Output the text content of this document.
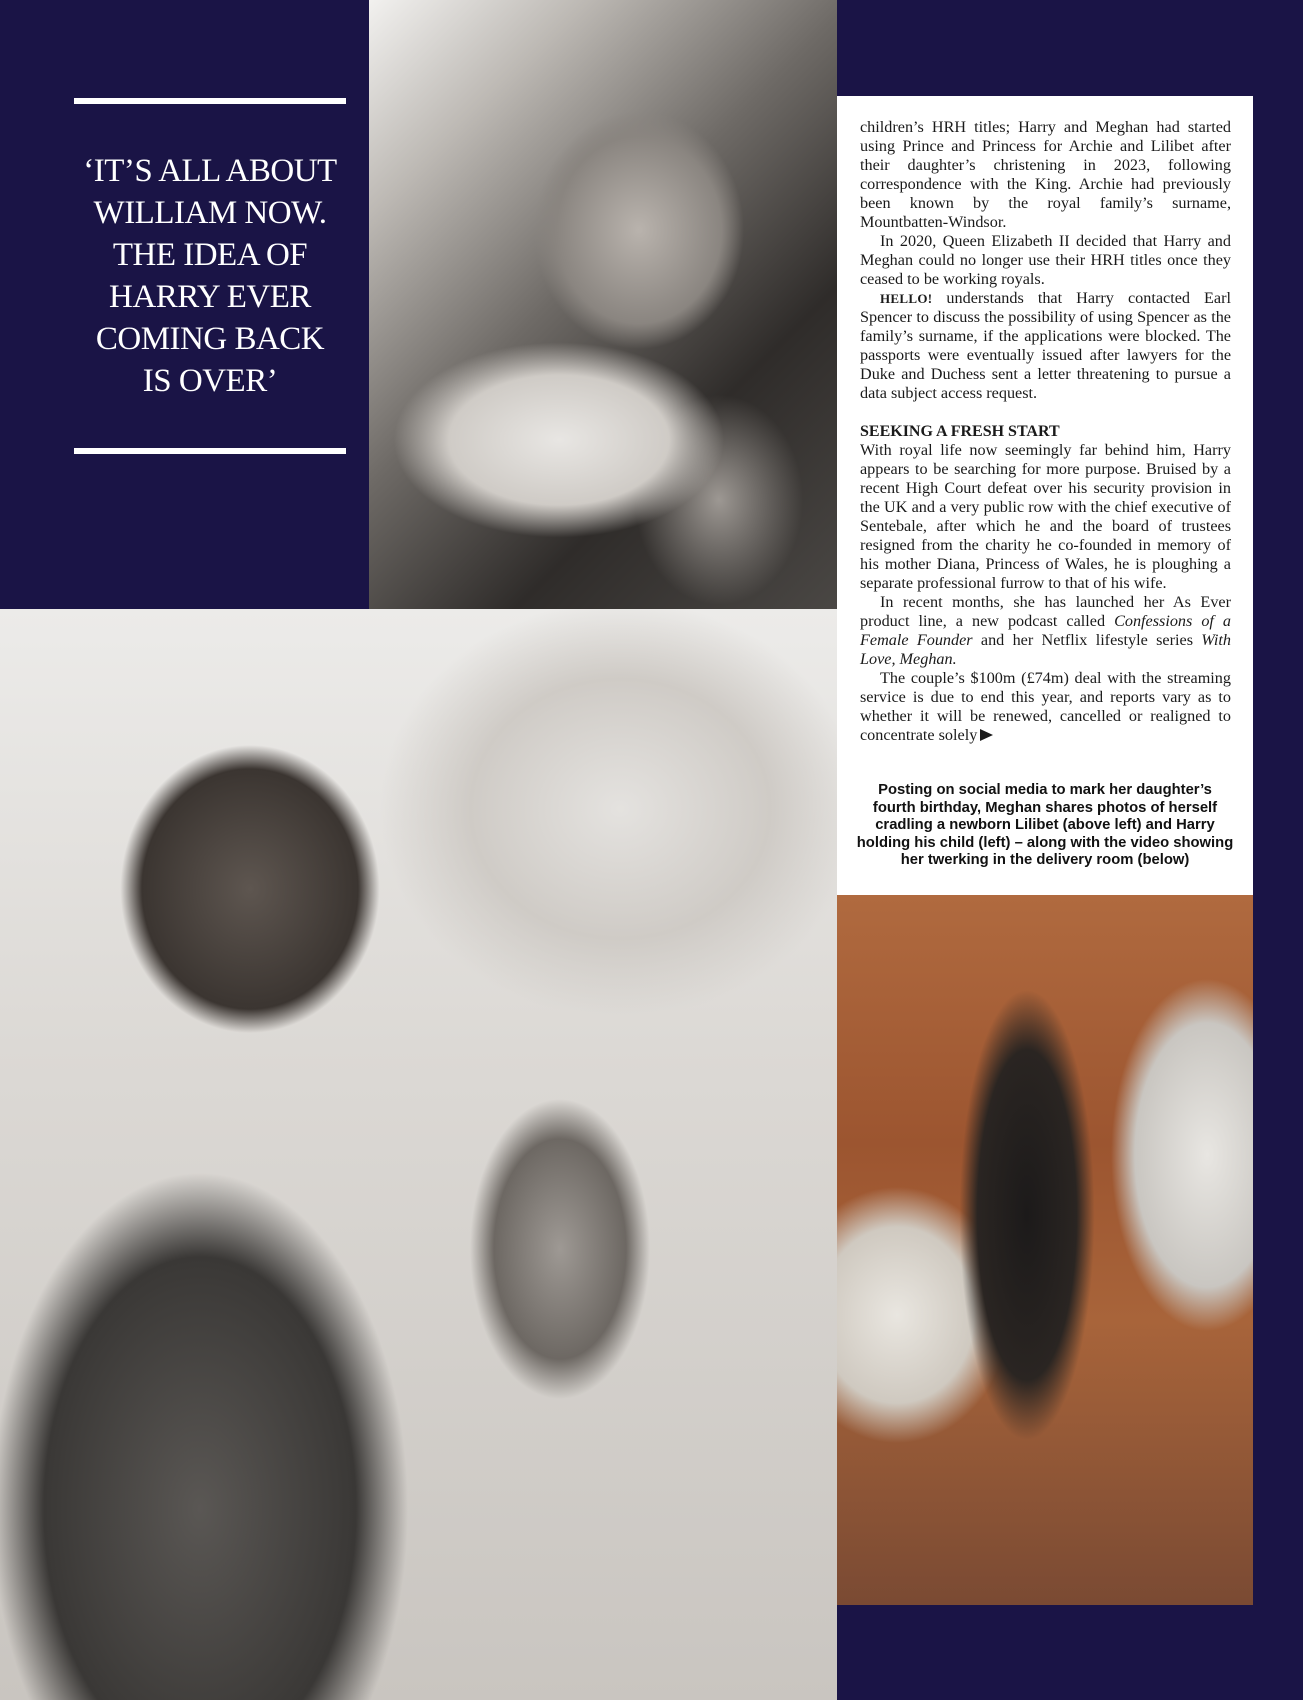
‘IT’S ALL ABOUT WILLIAM NOW. THE IDEA OF HARRY EVER COMING BACK IS OVER’

children’s HRH titles; Harry and Meghan had started using Prince and Princess for Archie and Lilibet after their daughter’s christening in 2023, following correspondence with the King. Archie had previously been known by the royal family’s surname, Mountbatten-Windsor.

In 2020, Queen Elizabeth II decided that Harry and Meghan could no longer use their HRH titles once they ceased to be working royals.

HELLO! understands that Harry contacted Earl Spencer to discuss the possibility of using Spencer as the family’s surname, if the applications were blocked. The passports were eventually issued after lawyers for the Duke and Duchess sent a letter threatening to pursue a data subject access request.

SEEKING A FRESH START

With royal life now seemingly far behind him, Harry appears to be searching for more purpose. Bruised by a recent High Court defeat over his security provision in the UK and a very public row with the chief executive of Sentebale, after which he and the board of trustees resigned from the charity he co-founded in memory of his mother Diana, Princess of Wales, he is ploughing a separate professional furrow to that of his wife.

In recent months, she has launched her As Ever product line, a new podcast called Confessions of a Female Founder and her Netflix lifestyle series With Love, Meghan.

The couple’s $100m (£74m) deal with the streaming service is due to end this year, and reports vary as to whether it will be renewed, cancelled or realigned to concentrate solely

Posting on social media to mark her daughter’s fourth birthday, Meghan shares photos of herself cradling a newborn Lilibet (above left) and Harry holding his child (left) – along with the video showing her twerking in the delivery room (below)
